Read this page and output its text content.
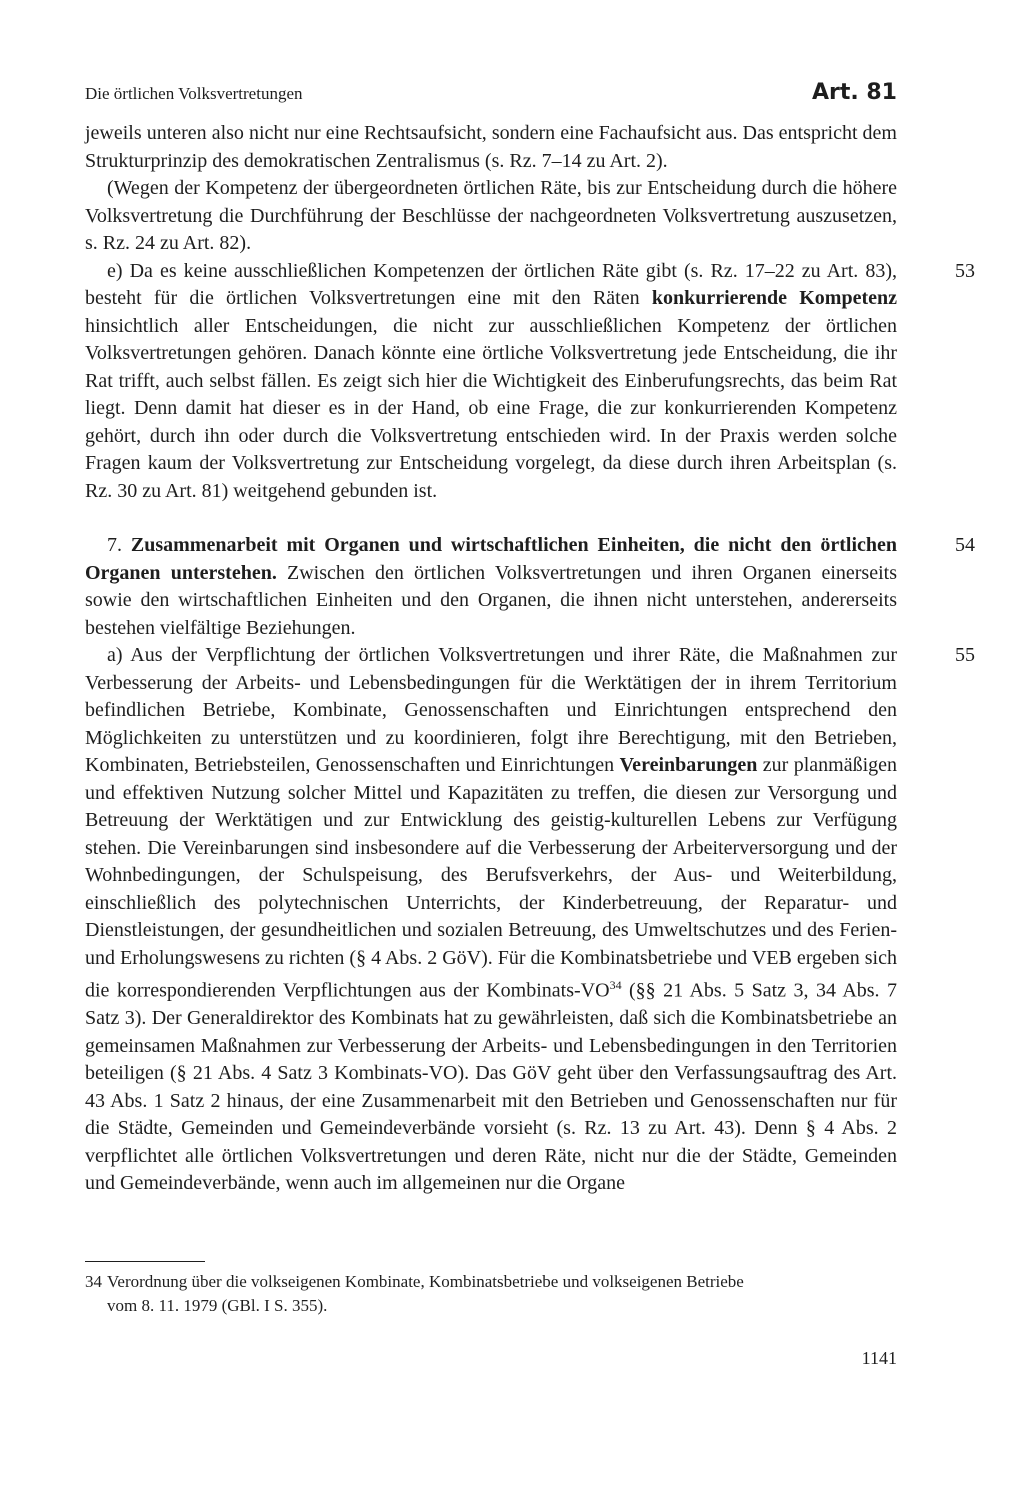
Die örtlichen Volksvertretungen	Art. 81

jeweils unteren also nicht nur eine Rechtsaufsicht, sondern eine Fachaufsicht aus. Das entspricht dem Strukturprinzip des demokratischen Zentralismus (s. Rz. 7–14 zu Art. 2).

(Wegen der Kompetenz der übergeordneten örtlichen Räte, bis zur Entscheidung durch die höhere Volksvertretung die Durchführung der Beschlüsse der nachgeordneten Volksvertretung auszusetzen, s. Rz. 24 zu Art. 82).

53
e) Da es keine ausschließlichen Kompetenzen der örtlichen Räte gibt (s. Rz. 17–22 zu Art. 83), besteht für die örtlichen Volksvertretungen eine mit den Räten konkurrierende Kompetenz hinsichtlich aller Entscheidungen, die nicht zur ausschließlichen Kompetenz der örtlichen Volksvertretungen gehören. Danach könnte eine örtliche Volksvertretung jede Entscheidung, die ihr Rat trifft, auch selbst fällen. Es zeigt sich hier die Wichtigkeit des Einberufungsrechts, das beim Rat liegt. Denn damit hat dieser es in der Hand, ob eine Frage, die zur konkurrierenden Kompetenz gehört, durch ihn oder durch die Volksvertretung entschieden wird. In der Praxis werden solche Fragen kaum der Volksvertretung zur Entscheidung vorgelegt, da diese durch ihren Arbeitsplan (s. Rz. 30 zu Art. 81) weitgehend gebunden ist.

54
7. Zusammenarbeit mit Organen und wirtschaftlichen Einheiten, die nicht den örtlichen Organen unterstehen. Zwischen den örtlichen Volksvertretungen und ihren Organen einerseits sowie den wirtschaftlichen Einheiten und den Organen, die ihnen nicht unterstehen, andererseits bestehen vielfältige Beziehungen.

55
a) Aus der Verpflichtung der örtlichen Volksvertretungen und ihrer Räte, die Maßnahmen zur Verbesserung der Arbeits- und Lebensbedingungen für die Werktätigen der in ihrem Territorium befindlichen Betriebe, Kombinate, Genossenschaften und Einrichtungen entsprechend den Möglichkeiten zu unterstützen und zu koordinieren, folgt ihre Berechtigung, mit den Betrieben, Kombinaten, Betriebsteilen, Genossenschaften und Einrichtungen Vereinbarungen zur planmäßigen und effektiven Nutzung solcher Mittel und Kapazitäten zu treffen, die diesen zur Versorgung und Betreuung der Werktätigen und zur Entwicklung des geistig-kulturellen Lebens zur Verfügung stehen. Die Vereinbarungen sind insbesondere auf die Verbesserung der Arbeiterversorgung und der Wohnbedingungen, der Schulspeisung, des Berufsverkehrs, der Aus- und Weiterbildung, einschließlich des polytechnischen Unterrichts, der Kinderbetreuung, der Reparatur- und Dienstleistungen, der gesundheitlichen und sozialen Betreuung, des Umweltschutzes und des Ferien- und Erholungswesens zu richten (§ 4 Abs. 2 GöV). Für die Kombinatsbetriebe und VEB ergeben sich die korrespondierenden Verpflichtungen aus der Kombinats-VO$^{34}$ (§§ 21 Abs. 5 Satz 3, 34 Abs. 7 Satz 3). Der Generaldirektor des Kombinats hat zu gewährleisten, daß sich die Kombinatsbetriebe an gemeinsamen Maßnahmen zur Verbesserung der Arbeits- und Lebensbedingungen in den Territorien beteiligen (§ 21 Abs. 4 Satz 3 Kombinats-VO). Das GöV geht über den Verfassungsauftrag des Art. 43 Abs. 1 Satz 2 hinaus, der eine Zusammenarbeit mit den Betrieben und Genossenschaften nur für die Städte, Gemeinden und Gemeindeverbände vorsieht (s. Rz. 13 zu Art. 43). Denn § 4 Abs. 2 verpflichtet alle örtlichen Volksvertretungen und deren Räte, nicht nur die der Städte, Gemeinden und Gemeindeverbände, wenn auch im allgemeinen nur die Organe

34 Verordnung über die volkseigenen Kombinate, Kombinatsbetriebe und volkseigenen Betriebe
vom 8. 11. 1979 (GBl. I S. 355).
1141
